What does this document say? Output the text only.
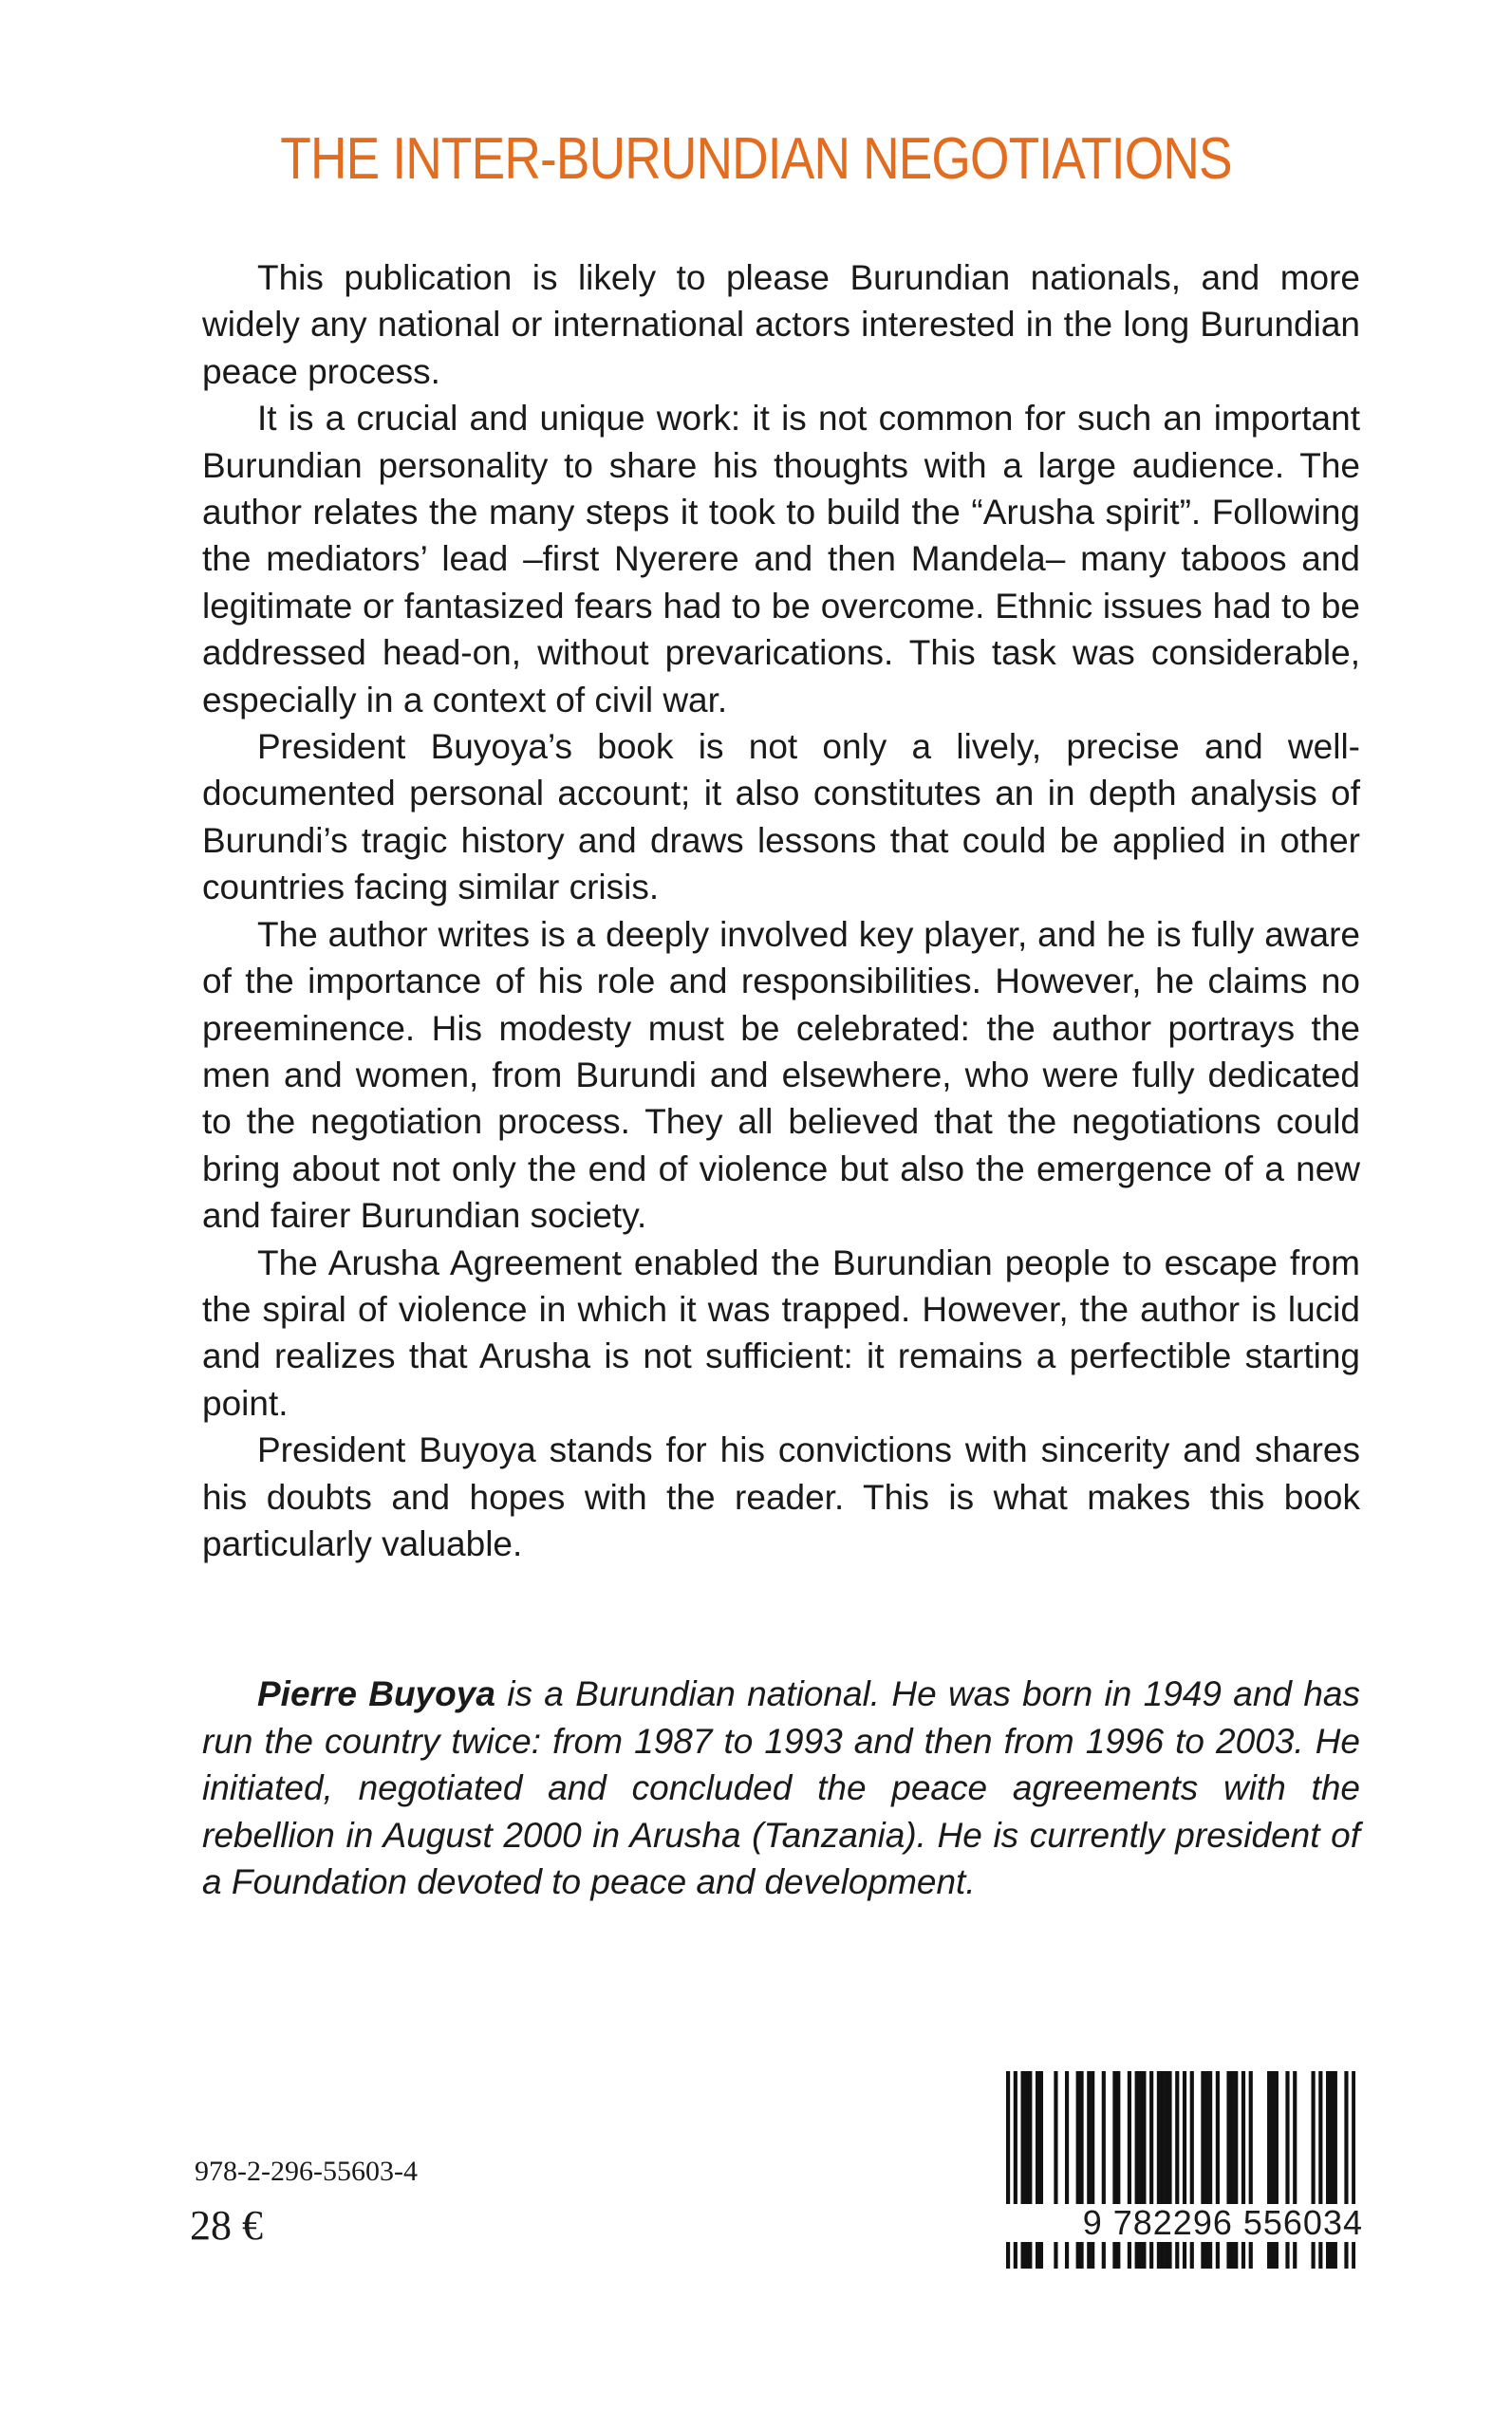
THE INTER-BURUNDIAN NEGOTIATIONS

This publication is likely to please Burundian nationals, and more widely any national or international actors interested in the long Burundian peace process.

It is a crucial and unique work: it is not common for such an important Burundian personality to share his thoughts with a large audience. The author relates the many steps it took to build the “Arusha spirit”. Following the mediators’ lead –first Nyerere and then Mandela– many taboos and legitimate or fantasized fears had to be overcome. Ethnic issues had to be addressed head-on, without prevarications. This task was considerable, especially in a context of civil war.

President Buyoya’s book is not only a lively, precise and well-documented personal account; it also constitutes an in depth analysis of Burundi’s tragic history and draws lessons that could be applied in other countries facing similar crisis.

The author writes is a deeply involved key player, and he is fully aware of the importance of his role and responsibilities. However, he claims no preeminence. His modesty must be celebrated: the author portrays the men and women, from Burundi and elsewhere, who were fully dedicated to the negotiation process. They all believed that the negotiations could bring about not only the end of violence but also the emergence of a new and fairer Burundian society.

The Arusha Agreement enabled the Burundian people to escape from the spiral of violence in which it was trapped. However, the author is lucid and realizes that Arusha is not sufficient: it remains a perfectible starting point.

President Buyoya stands for his convictions with sincerity and shares his doubts and hopes with the reader. This is what makes this book particularly valuable.

Pierre Buyoya is a Burundian national. He was born in 1949 and has run the country twice: from 1987 to 1993 and then from 1996 to 2003. He initiated, negotiated and concluded the peace agreements with the rebellion in August 2000 in Arusha (Tanzania). He is currently president of a Foundation devoted to peace and development.

978-2-296-55603-4
28 €	9 782296 556034
